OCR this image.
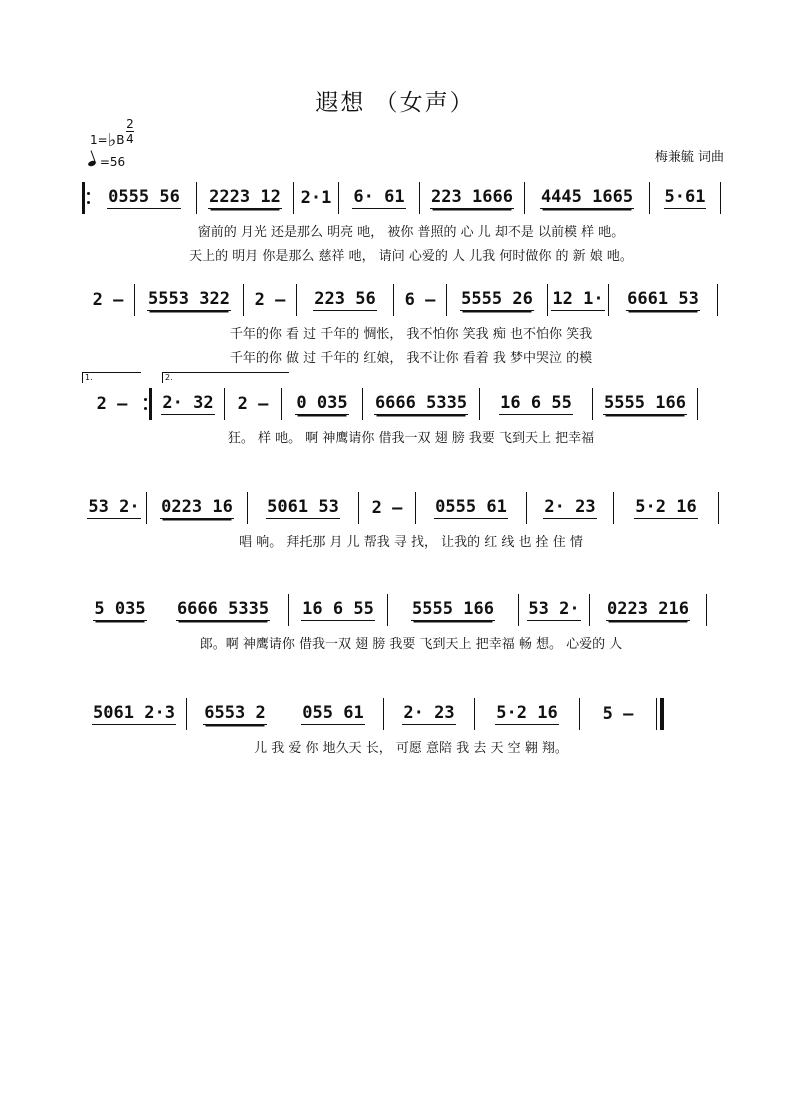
遐想 （女声）
1=♭B
2
4
=56	梅兼毓 词曲
0555 56 2223 12 2·1 6· 61 223 1666 4445 1665 5·61
窗前的 月光 还是那么 明亮 吔， 被你 普照的 心 儿 却不是 以前模 样 吔。
天上的 明月 你是那么 慈祥 吔， 请问 心爱的 人 儿我 何时做你 的 新 娘 吔。
2 – 5553 322 2 – 223 56 6 – 5555 26 12 1· 6661 53
千年的你 看 过 千年的 惆怅， 我不怕你 笑我 痴 也不怕你 笑我
千年的你 做 过 千年的 红娘， 我不让你 看着 我 梦中哭泣 的模
1.	2.
2 – 2· 32 2 – 0 035 6666 5335 16 6 55 5555 166
狂。 样 吔。 啊 神鹰请你 借我一双 翅 膀 我要 飞到天上 把幸福
53 2· 0223 16 5061 53 2 – 0555 61 2· 23 5·2 16
唱 响。 拜托那 月 儿 帮我 寻 找， 让我的 红 线 也 拴 住 情
5 035 6666 5335 16 6 55 5555 166 53 2· 0223 216
郎。啊 神鹰请你 借我一双 翅 膀 我要 飞到天上 把幸福 畅 想。 心爱的 人
5061 2·3 6553 2 055 61 2· 23 5·2 16	5 –
儿 我 爱 你 地久天 长， 可愿 意陪 我 去 天 空 翱 翔。
